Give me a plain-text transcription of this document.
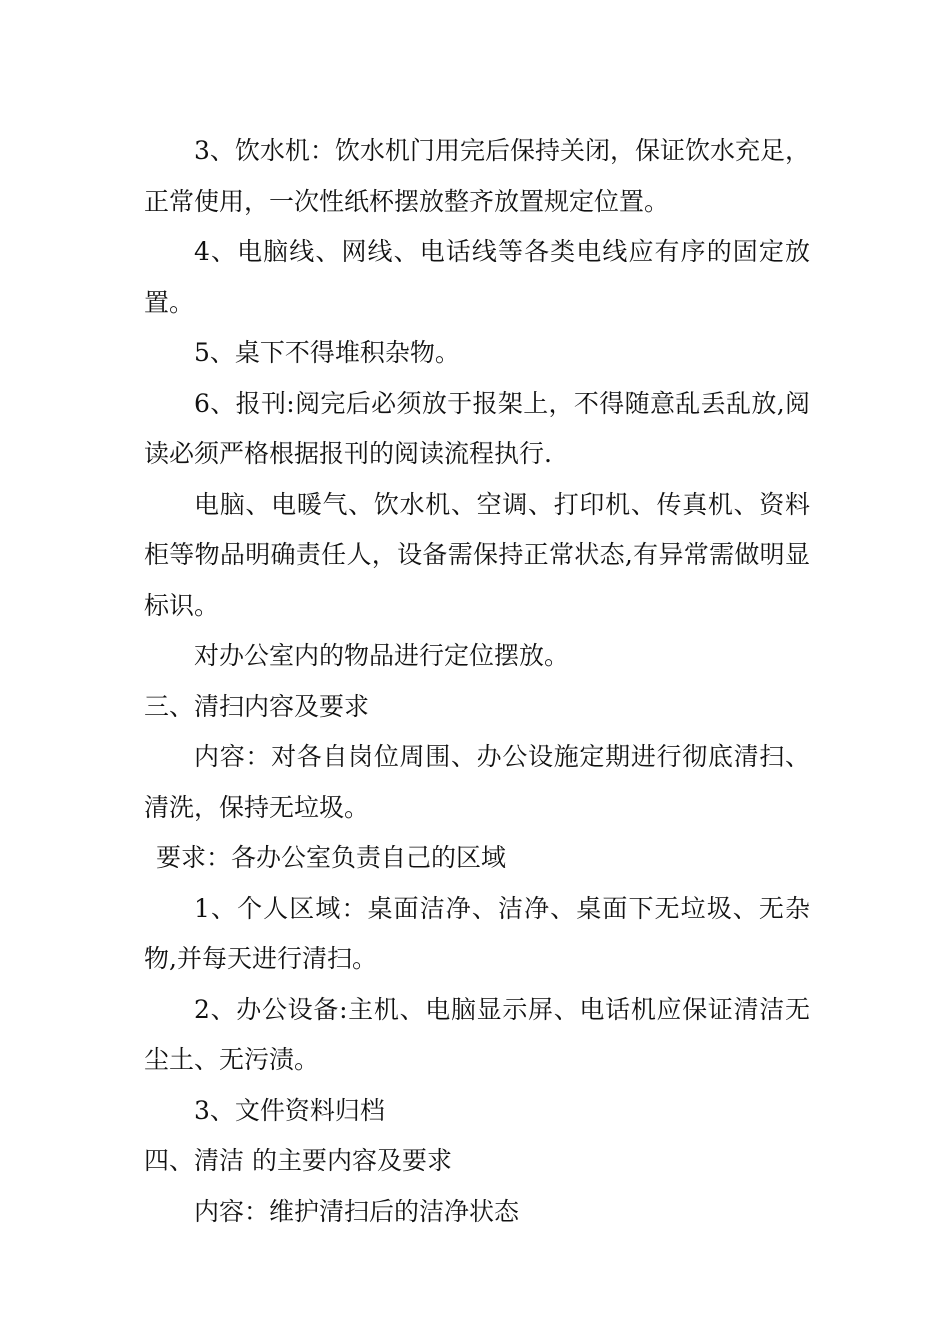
3、饮水机：饮水机门用完后保持关闭，保证饮水充足，正常使用，一次性纸杯摆放整齐放置规定位置。

4、电脑线、网线、电话线等各类电线应有序的固定放置。

5、桌下不得堆积杂物。

6、报刊:阅完后必须放于报架上，不得随意乱丢乱放,阅读必须严格根据报刊的阅读流程执行.

电脑、电暖气、饮水机、空调、打印机、传真机、资料柜等物品明确责任人，设备需保持正常状态,有异常需做明显标识。

对办公室内的物品进行定位摆放。

三、清扫内容及要求

内容：对各自岗位周围、办公设施定期进行彻底清扫、清洗，保持无垃圾。

要求：各办公室负责自己的区域

1、个人区域：桌面洁净、洁净、桌面下无垃圾、无杂物,并每天进行清扫。

2、办公设备:主机、电脑显示屏、电话机应保证清洁无尘土、无污渍。

3、文件资料归档

四、清洁 的主要内容及要求

内容：维护清扫后的洁净状态
